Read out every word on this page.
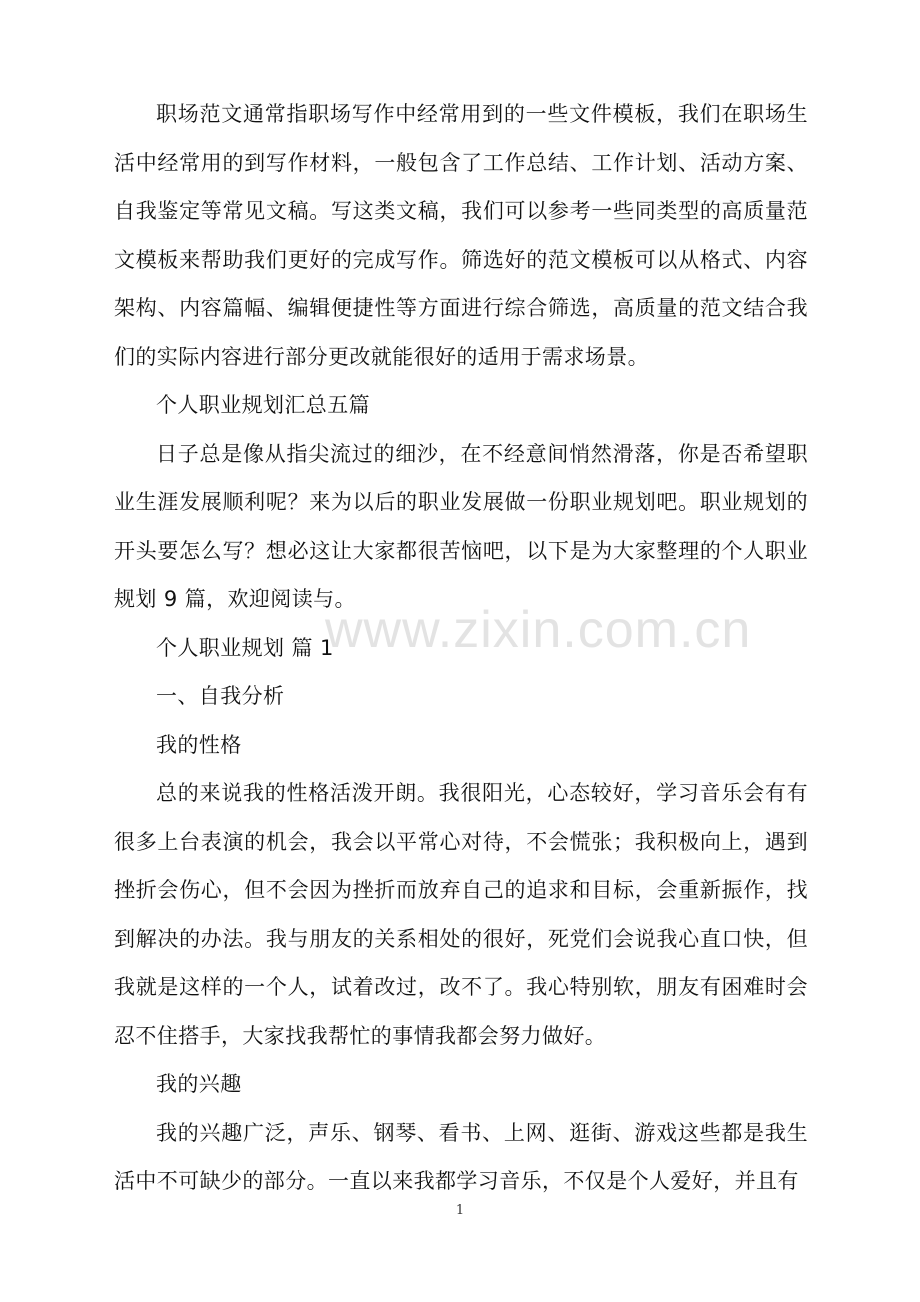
www.zixin.com.cn

职场范文通常指职场写作中经常用到的一些文件模板，我们在职场生活中经常用的到写作材料，一般包含了工作总结、工作计划、活动方案、自我鉴定等常见文稿。写这类文稿，我们可以参考一些同类型的高质量范文模板来帮助我们更好的完成写作。筛选好的范文模板可以从格式、内容架构、内容篇幅、编辑便捷性等方面进行综合筛选，高质量的范文结合我们的实际内容进行部分更改就能很好的适用于需求场景。

个人职业规划汇总五篇

日子总是像从指尖流过的细沙，在不经意间悄然滑落，你是否希望职业生涯发展顺利呢？来为以后的职业发展做一份职业规划吧。职业规划的开头要怎么写？想必这让大家都很苦恼吧，以下是为大家整理的个人职业规划 9 篇，欢迎阅读与。

个人职业规划 篇 1

一、自我分析

我的性格

总的来说我的性格活泼开朗。我很阳光，心态较好，学习音乐会有有很多上台表演的机会，我会以平常心对待，不会慌张；我积极向上，遇到挫折会伤心，但不会因为挫折而放弃自己的追求和目标，会重新振作，找到解决的办法。我与朋友的关系相处的很好，死党们会说我心直口快，但我就是这样的一个人，试着改过，改不了。我心特别软，朋友有困难时会忍不住搭手，大家找我帮忙的事情我都会努力做好。

我的兴趣

我的兴趣广泛，声乐、钢琴、看书、上网、逛街、游戏这些都是我生活中不可缺少的部分。一直以来我都学习音乐，不仅是个人爱好，并且有

1
